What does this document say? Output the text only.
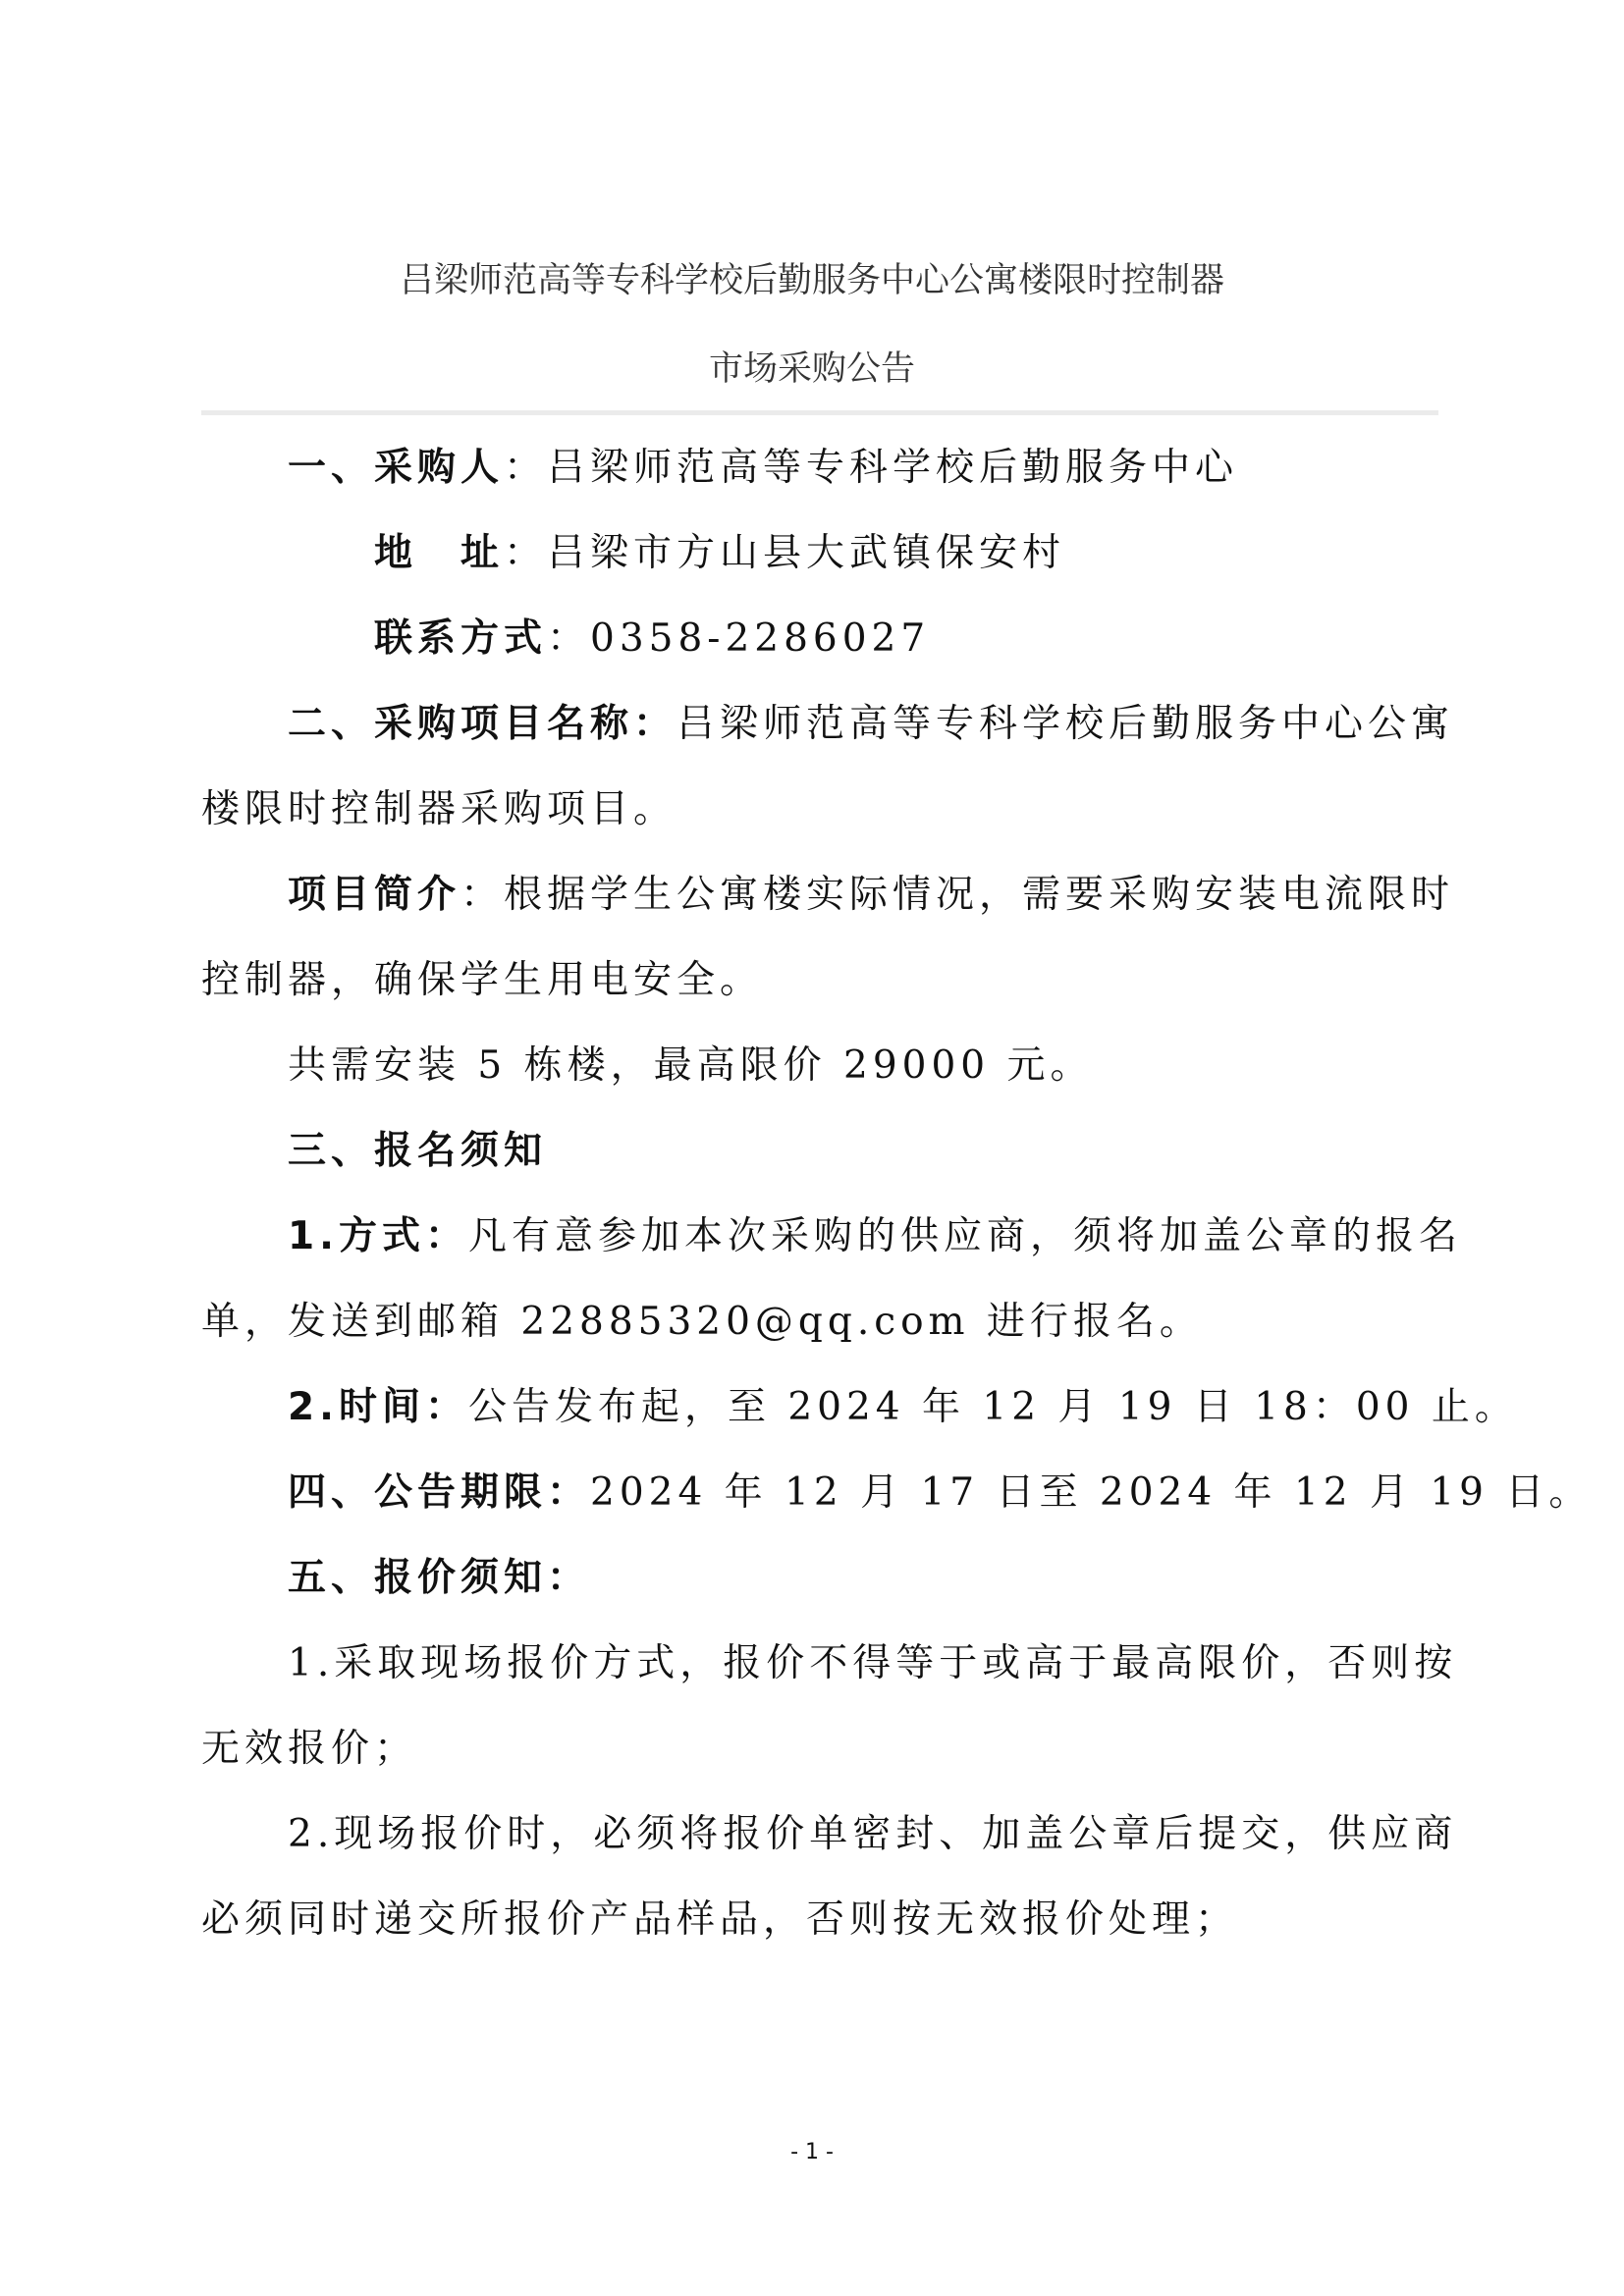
吕梁师范高等专科学校后勤服务中心公寓楼限时控制器
市场采购公告
一、采购人：吕梁师范高等专科学校后勤服务中心
地　址：吕梁市方山县大武镇保安村
联系方式：0358-2286027
二、采购项目名称：吕梁师范高等专科学校后勤服务中心公寓
楼限时控制器采购项目。
项目简介：根据学生公寓楼实际情况，需要采购安装电流限时
控制器，确保学生用电安全。
共需安装 5 栋楼，最高限价 29000 元。
三、报名须知
1.方式：凡有意参加本次采购的供应商，须将加盖公章的报名
单，发送到邮箱 22885320@qq.com 进行报名。
2.时间：公告发布起，至 2024 年 12 月 19 日 18：00 止。
四、公告期限：2024 年 12 月 17 日至 2024 年 12 月 19 日。
五、报价须知：
1.采取现场报价方式，报价不得等于或高于最高限价，否则按
无效报价；
2.现场报价时，必须将报价单密封、加盖公章后提交，供应商
必须同时递交所报价产品样品，否则按无效报价处理；
- 1 -
